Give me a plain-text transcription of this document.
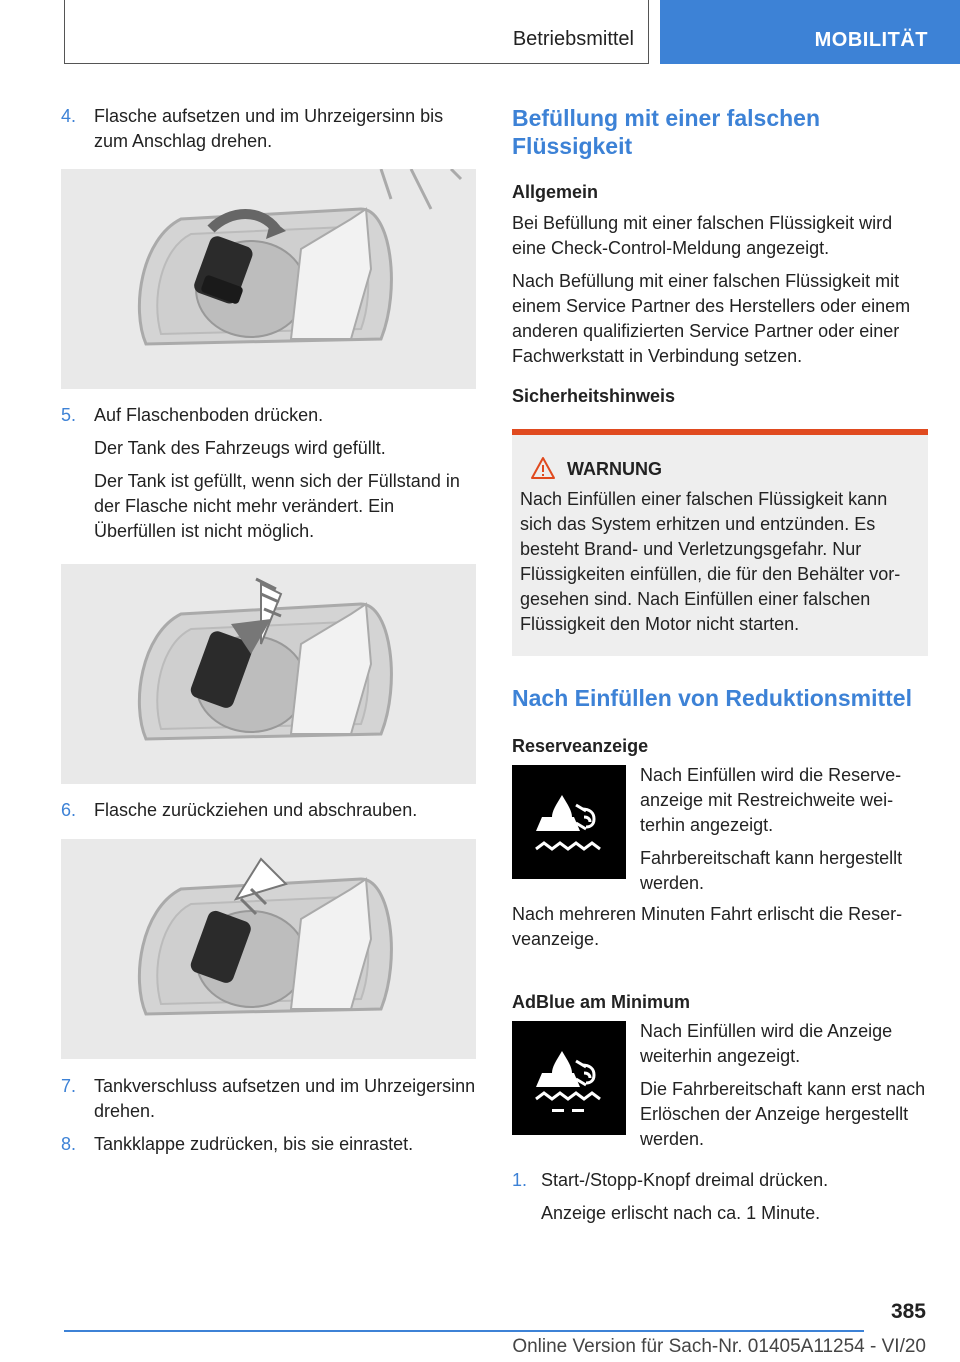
Betriebsmittel	MOBILITÄT
4. Flasche aufsetzen und im Uhrzeigersinn bis zum Anschlag drehen.

5. Auf Flaschenboden drücken.

Der Tank des Fahrzeugs wird gefüllt.

Der Tank ist gefüllt, wenn sich der Füllstand in der Flasche nicht mehr verändert. Ein Überfüllen ist nicht möglich.

6. Flasche zurückziehen und abschrauben.

7. Tankverschluss aufsetzen und im Uhrzeigersinn drehen.

8. Tankklappe zudrücken, bis sie einrastet.

Befüllung mit einer falschen Flüssigkeit
Allgemein

Bei Befüllung mit einer falschen Flüssigkeit wird eine Check-Control-Meldung angezeigt.

Nach Befüllung mit einer falschen Flüssigkeit mit einem Service Partner des Herstellers oder einem anderen qualifizierten Service Partner oder einer Fachwerkstatt in Verbindung setzen.

Sicherheitshinweis
WARNUNG

Nach Einfüllen einer falschen Flüssigkeit kann sich das System erhitzen und entzünden. Es besteht Brand- und Verletzungsgefahr. Nur Flüssigkeiten einfüllen, die für den Behälter vorgesehen sind. Nach Einfüllen einer falschen Flüssigkeit den Motor nicht starten.

Nach Einfüllen von Reduktionsmittel
Reserveanzeige

Nach Einfüllen wird die Reserveanzeige mit Restreichweite weiterhin angezeigt.

Fahrbereitschaft kann hergestellt werden.

Nach mehreren Minuten Fahrt erlischt die Reserveanzeige.

AdBlue am Minimum

Nach Einfüllen wird die Anzeige weiterhin angezeigt.

Die Fahrbereitschaft kann erst nach Erlöschen der Anzeige hergestellt werden.

1. Start-/Stopp-Knopf dreimal drücken.

Anzeige erlischt nach ca. 1 Minute.

385
Online Version für Sach-Nr. 01405A11254 - VI/20
